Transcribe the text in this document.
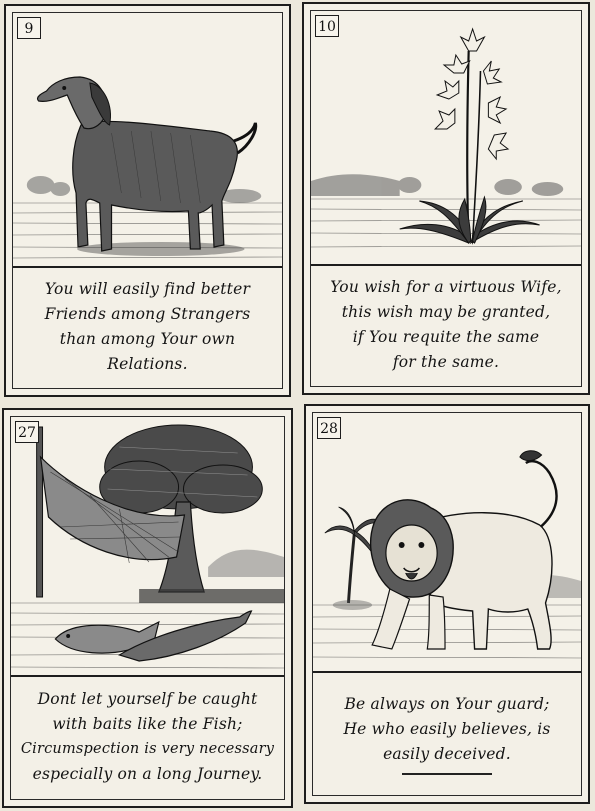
9
You will easily find better
Friends among Strangers
than among Your own
Relations.
10
You wish for a virtuous Wife,
this wish may be granted,
if You requite the same
for the same.
27
Dont let yourself be caught
with baits like the Fish;
Circumspection is very necessary
especially on a long Journey.
28
Be always on Your guard;
He who easily believes, is
easily deceived.
